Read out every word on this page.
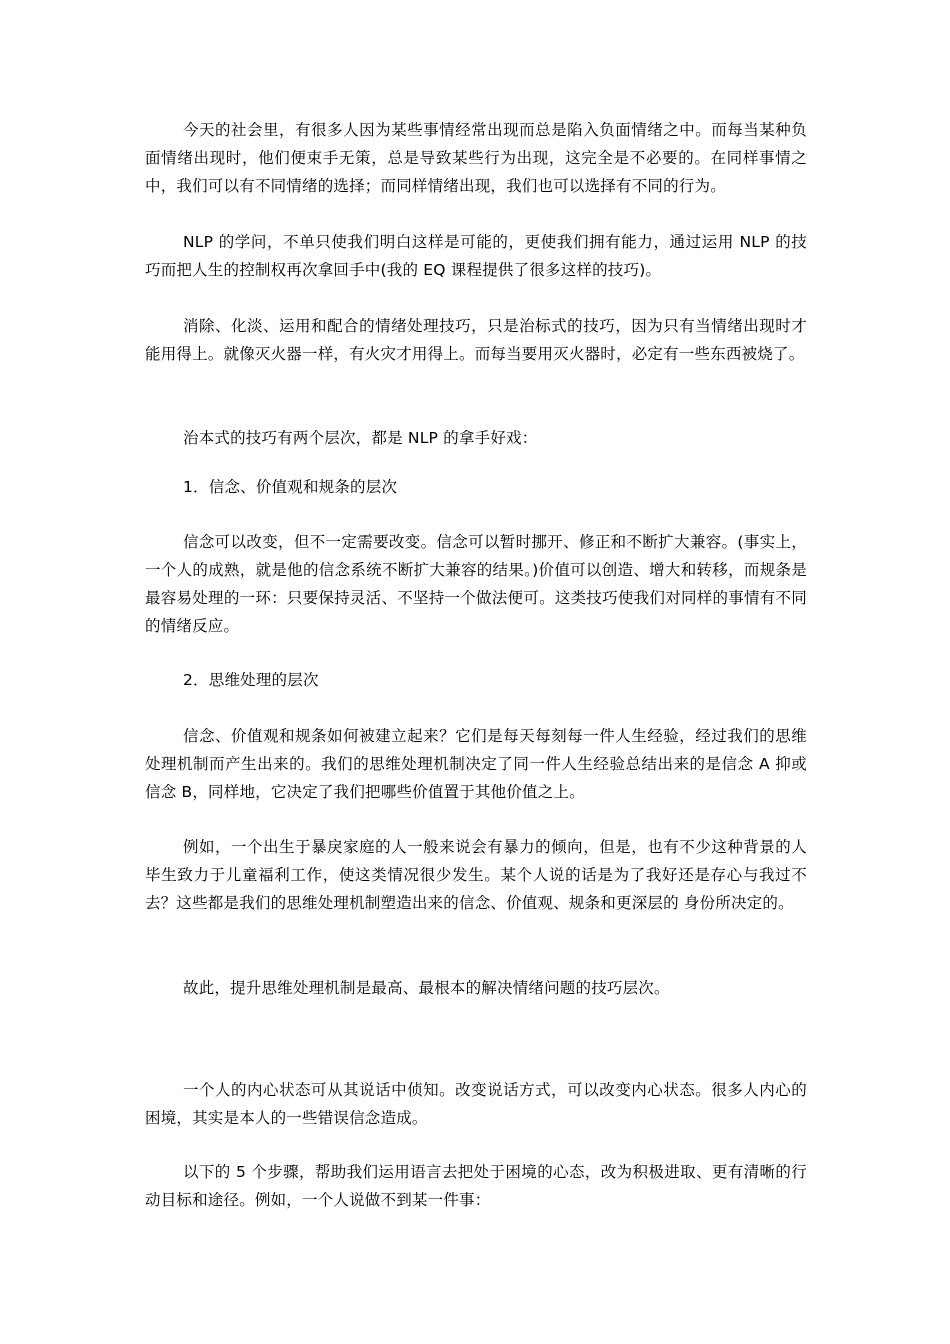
今天的社会里，有很多人因为某些事情经常出现而总是陷入负面情绪之中。而每当某种负面情绪出现时，他们便束手无策，总是导致某些行为出现，这完全是不必要的。在同样事情之中，我们可以有不同情绪的选择；而同样情绪出现，我们也可以选择有不同的行为。

NLP 的学问，不单只使我们明白这样是可能的，更使我们拥有能力，通过运用 NLP 的技巧而把人生的控制权再次拿回手中(我的 EQ 课程提供了很多这样的技巧)。

消除、化淡、运用和配合的情绪处理技巧，只是治标式的技巧，因为只有当情绪出现时才能用得上。就像灭火器一样，有火灾才用得上。而每当要用灭火器时，必定有一些东西被烧了。

治本式的技巧有两个层次，都是 NLP 的拿手好戏：

1．信念、价值观和规条的层次

信念可以改变，但不一定需要改变。信念可以暂时挪开、修正和不断扩大兼容。(事实上，一个人的成熟，就是他的信念系统不断扩大兼容的结果。)价值可以创造、增大和转移，而规条是最容易处理的一环：只要保持灵活、不坚持一个做法便可。这类技巧使我们对同样的事情有不同的情绪反应。

2．思维处理的层次

信念、价值观和规条如何被建立起来？它们是每天每刻每一件人生经验，经过我们的思维处理机制而产生出来的。我们的思维处理机制决定了同一件人生经验总结出来的是信念 A 抑或信念 B，同样地，它决定了我们把哪些价值置于其他价值之上。

例如，一个出生于暴戾家庭的人一般来说会有暴力的倾向，但是，也有不少这种背景的人毕生致力于儿童福利工作，使这类情况很少发生。某个人说的话是为了我好还是存心与我过不去？这些都是我们的思维处理机制塑造出来的信念、价值观、规条和更深层的 身份所决定的。

故此，提升思维处理机制是最高、最根本的解决情绪问题的技巧层次。

一个人的内心状态可从其说话中侦知。改变说话方式，可以改变内心状态。很多人内心的困境，其实是本人的一些错误信念造成。

以下的 5 个步骤，帮助我们运用语言去把处于困境的心态，改为积极进取、更有清晰的行动目标和途径。例如，一个人说做不到某一件事：
